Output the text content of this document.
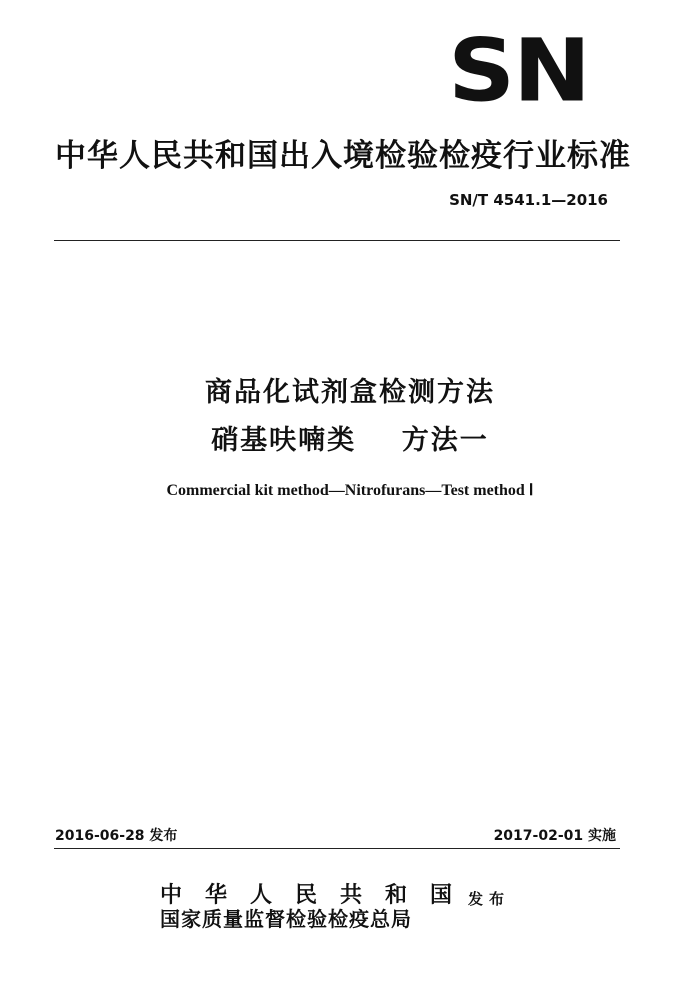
SN
中华人民共和国出入境检验检疫行业标准
SN/T 4541.1—2016
商品化试剂盒检测方法
硝基呋喃类    方法一
Commercial kit method—Nitrofurans—Test method Ⅰ
2016-06-28 发布	2017-02-01 实施
中华人民共和国
国家质量监督检验检疫总局
发布
